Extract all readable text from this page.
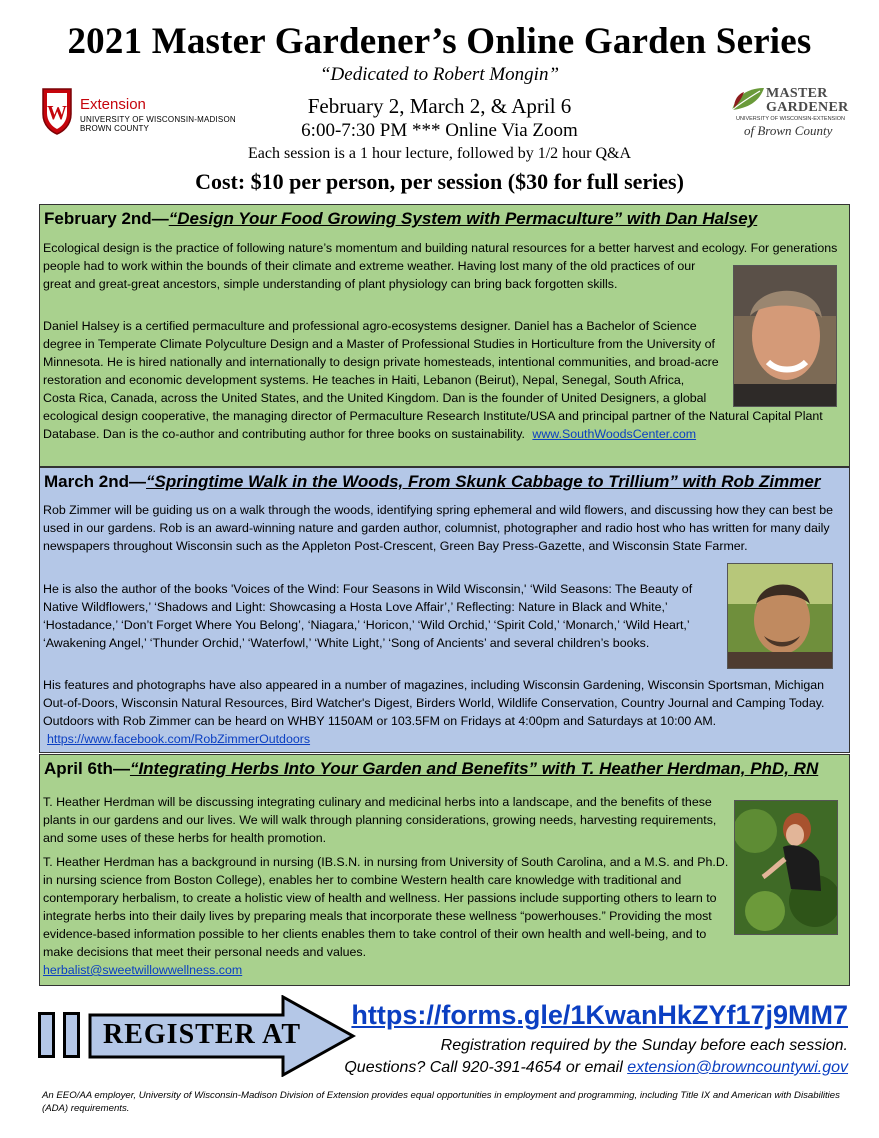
2021 Master Gardener’s Online Garden Series
“Dedicated to Robert Mongin”
February 2, March 2, & April 6
6:00-7:30 PM *** Online Via Zoom
Each session is a 1 hour lecture, followed by 1/2 hour Q&A
Cost: $10 per person, per session ($30 for full series)
W Extension
UNIVERSITY OF WISCONSIN-MADISON
BROWN COUNTY
MASTER
GARDENER
UNIVERSITY OF WISCONSIN-EXTENSION
of Brown County
February 2nd—“Design Your Food Growing System with Permaculture” with Dan Halsey
Ecological design is the practice of following nature’s momentum and building natural resources for a better harvest and ecology. For generations people had to work within the bounds of their climate and extreme weather. Having lost many of the old practices of our great and great-great ancestors, simple understanding of plant physiology can bring back forgotten skills.
Daniel Halsey is a certified permaculture and professional agro-ecosystems designer. Daniel has a Bachelor of Science degree in Temperate Climate Polyculture Design and a Master of Professional Studies in Horticulture from the University of Minnesota. He is hired nationally and internationally to design private homesteads, intentional communities, and broad-acre restoration and economic development systems. He teaches in Haiti, Lebanon (Beirut), Nepal, Senegal, South Africa, Costa Rica, Canada, across the United States, and the United Kingdom. Dan is the founder of United Designers, a global ecological design cooperative, the managing director of Permaculture Research Institute/USA and principal partner of the Natural Capital Plant Database. Dan is the co-author and contributing author for three books on sustainability. www.SouthWoodsCenter.com
March 2nd—“Springtime Walk in the Woods, From Skunk Cabbage to Trillium” with Rob Zimmer
Rob Zimmer will be guiding us on a walk through the woods, identifying spring ephemeral and wild flowers, and discussing how they can best be used in our gardens. Rob is an award-winning nature and garden author, columnist, photographer and radio host who has written for many daily newspapers throughout Wisconsin such as the Appleton Post-Crescent, Green Bay Press-Gazette, and Wisconsin State Farmer.
He is also the author of the books 'Voices of the Wind: Four Seasons in Wild Wisconsin,' ‘Wild Seasons: The Beauty of Native Wildflowers,’ ‘Shadows and Light: Showcasing a Hosta Love Affair’,’ Reflecting: Nature in Black and White,’ ‘Hostadance,’ ‘Don’t Forget Where You Belong’, ‘Niagara,’ ‘Horicon,’ ‘Wild Orchid,’ ‘Spirit Cold,’ ‘Monarch,’ ‘Wild Heart,’ ‘Awakening Angel,’ ‘Thunder Orchid,’ ‘Waterfowl,’ ‘White Light,’ ‘Song of Ancients’ and several children’s books.
His features and photographs have also appeared in a number of magazines, including Wisconsin Gardening, Wisconsin Sportsman, Michigan Out-of-Doors, Wisconsin Natural Resources, Bird Watcher's Digest, Birders World, Wildlife Conservation, Country Journal and Camping Today. Outdoors with Rob Zimmer can be heard on WHBY 1150AM or 103.5FM on Fridays at 4:00pm and Saturdays at 10:00 AM. https://www.facebook.com/RobZimmerOutdoors
April 6th—“Integrating Herbs Into Your Garden and Benefits” with T. Heather Herdman, PhD, RN
T. Heather Herdman will be discussing integrating culinary and medicinal herbs into a landscape, and the benefits of these plants in our gardens and our lives. We will walk through planning considerations, growing needs, harvesting requirements, and some uses of these herbs for health promotion.
T. Heather Herdman has a background in nursing (IB.S.N. in nursing from University of South Carolina, and a M.S. and Ph.D. in nursing science from Boston College), enables her to combine Western health care knowledge with traditional and contemporary herbalism, to create a holistic view of health and wellness. Her passions include supporting others to learn to integrate herbs into their daily lives by preparing meals that incorporate these wellness “powerhouses.” Providing the most evidence-based information possible to her clients enables them to take control of their own health and well-being, and to make decisions that meet their personal needs and values.
herbalist@sweetwillowwellness.com
REGISTER AT
https://forms.gle/1KwanHkZYf17j9MM7
Registration required by the Sunday before each session.
Questions? Call 920-391-4654 or email extension@browncountywi.gov
An EEO/AA employer, University of Wisconsin-Madison Division of Extension provides equal opportunities in employment and programming, including Title IX and American with Disabilities (ADA) requirements.
